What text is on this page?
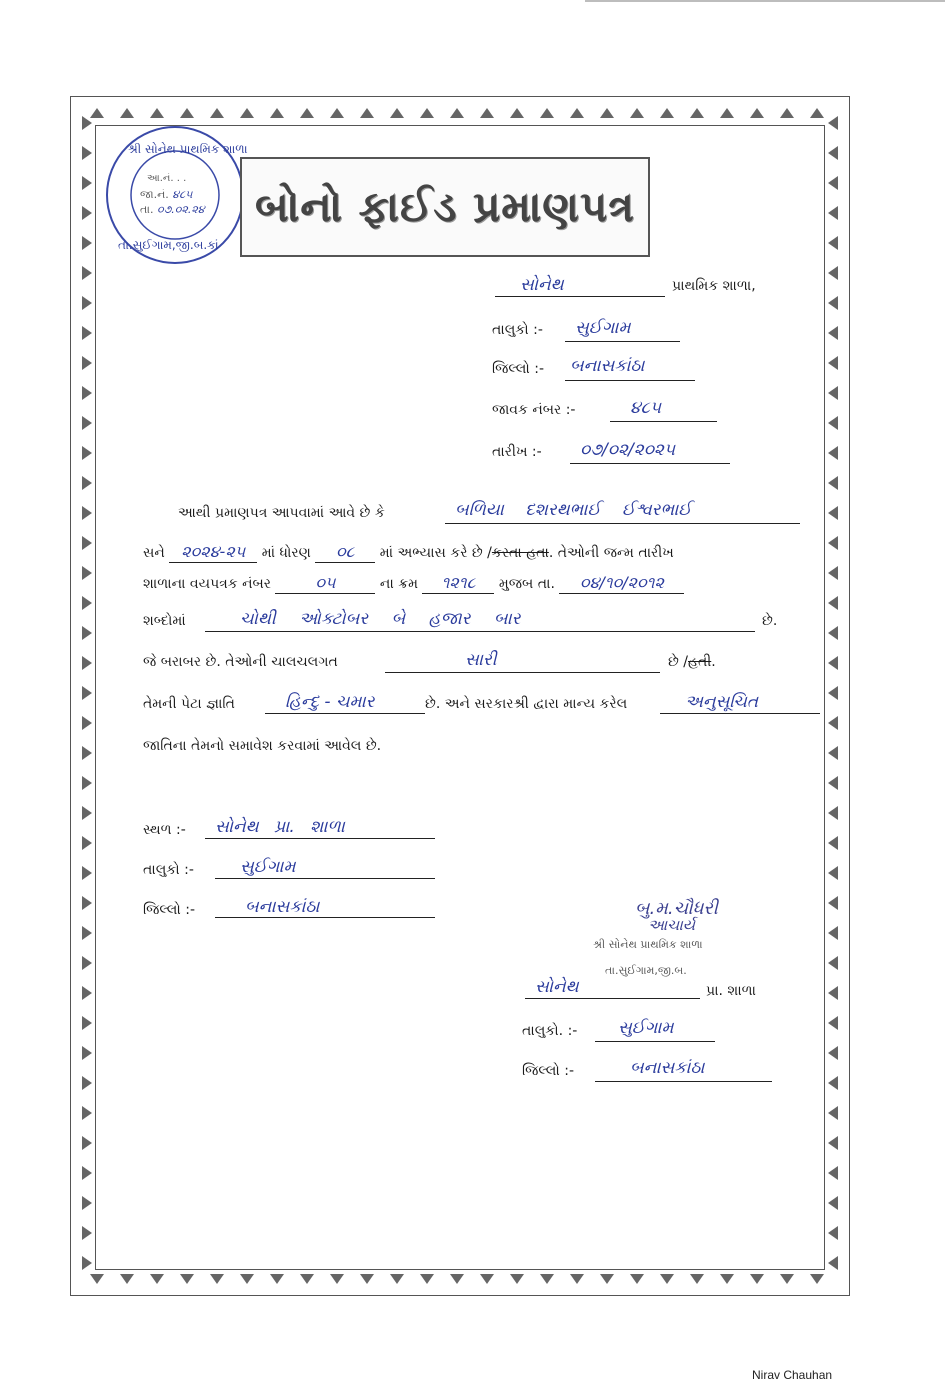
શ્રી સોનેથ પ્રાથમિક શાળા
આ.નં. . .
જા.નં. ૪૮૫
તા. ૦૭.૦૨.૨૪
તા.સુઈગામ,જી.બ.કાં
બોનો ફાઈડ પ્રમાણપત્ર
સોનેથ	પ્રાથમિક શાળા,
તાલુકો :- સુઈગામ
જિલ્લો :- બનાસકાંઠા
જાવક નંબર :-	૪૮૫
તારીખ :- ૦૭/૦૨/૨૦૨૫
આથી પ્રમાણપત્ર આપવામાં આવે છે કે	બળિયા દશરથભાઈ ઈશ્વરભાઈ
સને ૨૦૨૪-૨૫ માં ધોરણ ૦૮ માં અભ્યાસ કરે છે /કરતા હતા. તેઓની જન્મ તારીખ
શાળાના વયપત્રક નંબર	૦૫	ના ક્રમ ૧૨૧૮ મુજબ તા. ૦૪/૧૦/૨૦૧૨
શબ્દોમાં	ચોથી ઓક્ટોબર બે હજાર બાર	છે.
જે બરાબર છે. તેઓની ચાલચલગત	સારી	છે /હતી.
તેમની પેટા જ્ઞાતિ	હિન્દુ - ચમાર	છે. અને સરકારશ્રી દ્વારા માન્ય કરેલ	અનુસૂચિત
જાતિના તેમનો સમાવેશ કરવામાં આવેલ છે.
સ્થળ :- સોનેથ પ્રા. શાળા
તાલુકો :-	સુઈગામ
જિલ્લો :-	બનાસકાંઠા	બુ.મ.ચૌધરી
આચાર્ય
શ્રી સોનેથ પ્રાથમિક શાળા
તા.સુઈગામ,જી.બ.
સોનેથ	પ્રા. શાળા
તાલુકો. :- સુઈગામ
જિલ્લો :-	બનાસકાંઠા
Nirav Chauhan
